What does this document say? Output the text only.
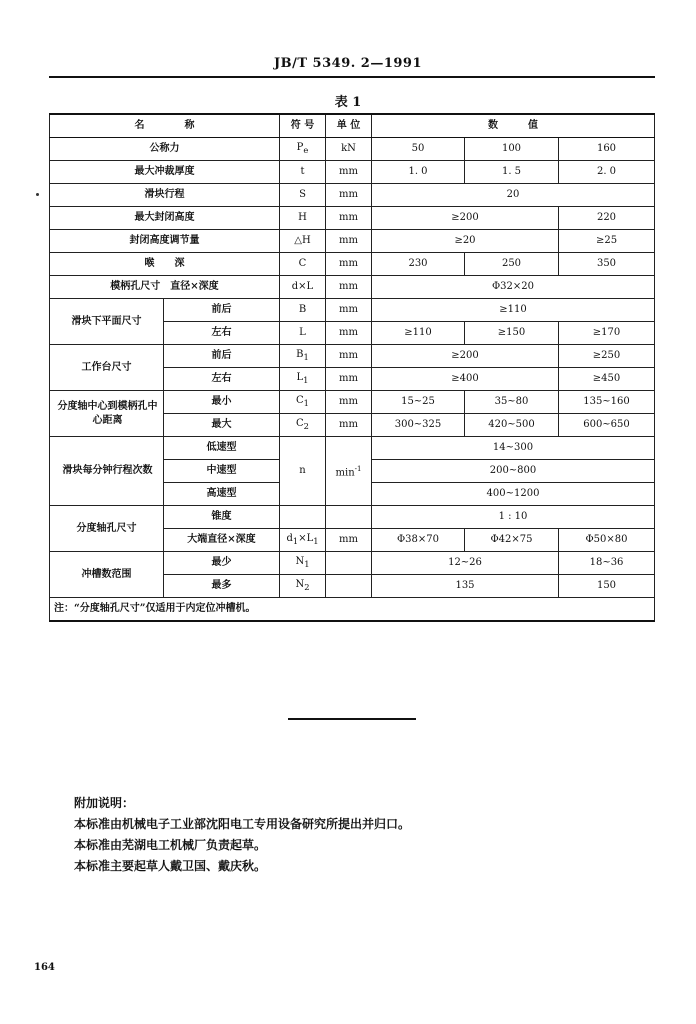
JB/T 5349. 2—1991
表 1
名　　　　称		符 号	单 位	数　　　值		
公称力		$P_e$	kN	50	100	160
最大冲裁厚度		t	mm	1. 0	1. 5	2. 0
滑块行程		S	mm	20		
最大封闭高度		H	mm	≥200		220
封闭高度调节量		△H	mm	≥20		≥25
喉　　深		C	mm	230	250	350
模柄孔尺寸　直径×深度		d×L	mm	Φ32×20		
滑块下平面尺寸	前后	B	mm	≥110		
	左右	L	mm	≥110	≥150	≥170
工作台尺寸	前后	$B_1$	mm	≥200		≥250
	左右	$L_1$	mm	≥400		≥450
分度轴中心到模柄孔中心距离	最小	$C_1$	mm	15~25	35~80	135~160
	最大	$C_2$	mm	300~325	420~500	600~650
滑块每分钟行程次数	低速型	n	$\min^{-1}$	14~300		
	中速型			200~800		
	高速型			400~1200		
分度轴孔尺寸	锥度			1 : 10		
	大端直径×深度	$d_1\times L_1$	mm	Φ38×70	Φ42×75	Φ50×80
冲槽数范围	最少	$N_1$		12~26		18~36
	最多	$N_2$		135		150
注：“分度轴孔尺寸”仅适用于内定位冲槽机。						
附加说明：
本标准由机械电子工业部沈阳电工专用设备研究所提出并归口。
本标准由芜湖电工机械厂负责起草。
本标准主要起草人戴卫国、戴庆秋。
164
